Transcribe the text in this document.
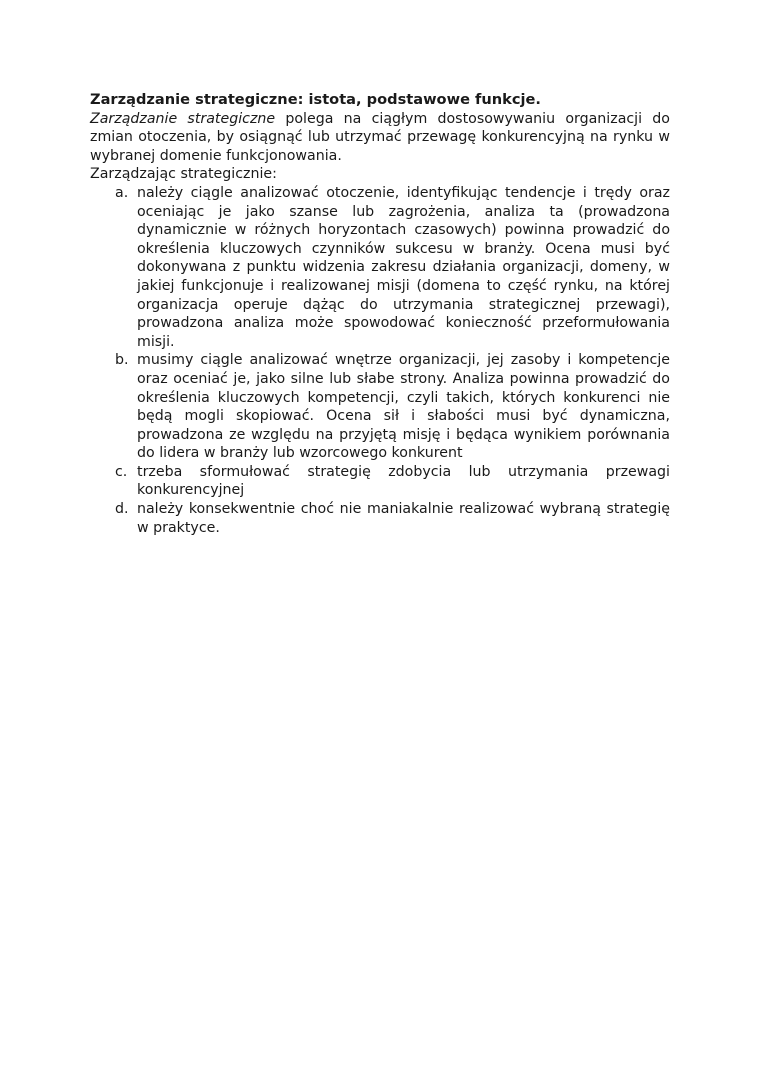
Zarządzanie strategiczne: istota, podstawowe funkcje.

Zarządzanie strategiczne polega na ciągłym dostosowywaniu organizacji do zmian otoczenia, by osiągnąć lub utrzymać przewagę konkurencyjną na rynku w wybranej domenie funkcjonowania.

Zarządzając strategicznie:

a. należy ciągle analizować otoczenie, identyfikując tendencje i trędy oraz oceniając je jako szanse lub zagrożenia, analiza ta (prowadzona dynamicznie w różnych horyzontach czasowych) powinna prowadzić do określenia kluczowych czynników sukcesu w branży. Ocena musi być dokonywana z punktu widzenia zakresu działania organizacji, domeny, w jakiej funkcjonuje i realizowanej misji (domena to część rynku, na której organizacja operuje dążąc do utrzymania strategicznej przewagi), prowadzona analiza może spowodować konieczność przeformułowania misji.
b. musimy ciągle analizować wnętrze organizacji, jej zasoby i kompetencje oraz oceniać je, jako silne lub słabe strony. Analiza powinna prowadzić do określenia kluczowych kompetencji, czyli takich, których konkurenci nie będą mogli skopiować. Ocena sił i słabości musi być dynamiczna, prowadzona ze względu na przyjętą misję i będąca wynikiem porównania do lidera w branży lub wzorcowego konkurent
c. trzeba sformułować strategię zdobycia lub utrzymania przewagi konkurencyjnej
d. należy konsekwentnie choć nie maniakalnie realizować wybraną strategię w praktyce.
